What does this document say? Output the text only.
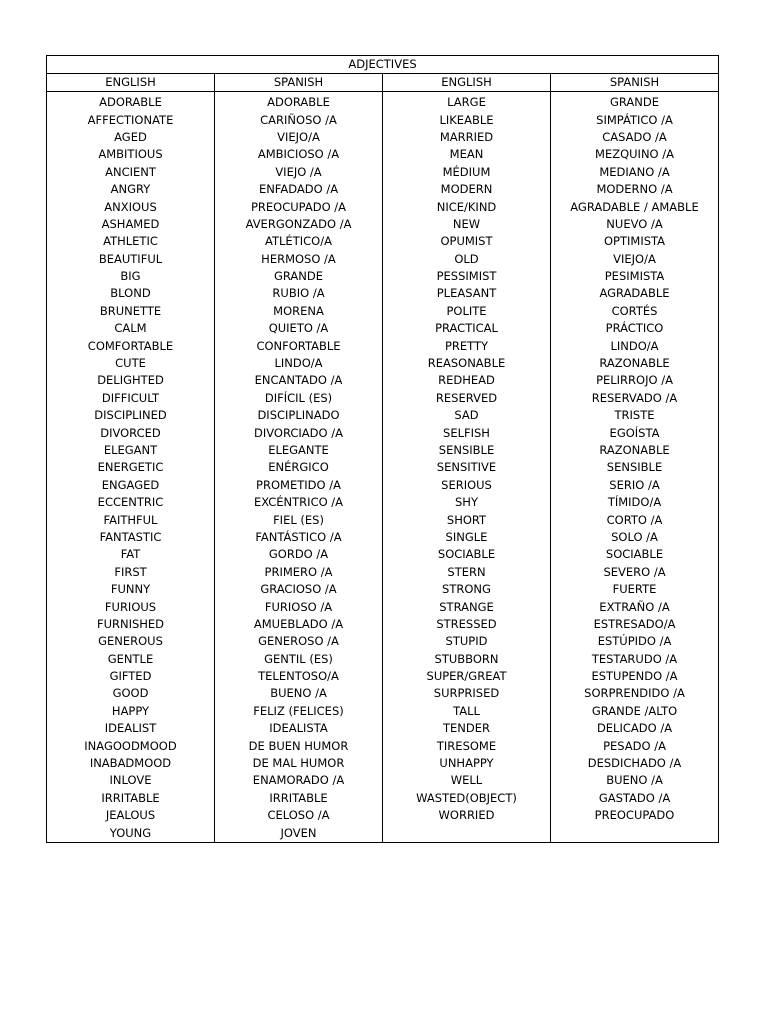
ADJECTIVES			
ENGLISH	SPANISH	ENGLISH	SPANISH
ADORABLE	ADORABLE	LARGE	GRANDE
AFFECTIONATE	CARIÑOSO /A	LIKEABLE	SIMPÁTICO /A
AGED	VIEJO/A	MARRIED	CASADO /A
AMBITIOUS	AMBICIOSO /A	MEAN	MEZQUINO /A
ANCIENT	VIEJO /A	MÉDIUM	MEDIANO /A
ANGRY	ENFADADO /A	MODERN	MODERNO /A
ANXIOUS	PREOCUPADO /A	NICE/KIND	AGRADABLE / AMABLE
ASHAMED	AVERGONZADO /A	NEW	NUEVO /A
ATHLETIC	ATLÉTICO/A	OPUMIST	OPTIMISTA
BEAUTIFUL	HERMOSO /A	OLD	VIEJO/A
BIG	GRANDE	PESSIMIST	PESIMISTA
BLOND	RUBIO /A	PLEASANT	AGRADABLE
BRUNETTE	MORENA	POLITE	CORTÉS
CALM	QUIETO /A	PRACTICAL	PRÁCTICO
COMFORTABLE	CONFORTABLE	PRETTY	LINDO/A
CUTE	LINDO/A	REASONABLE	RAZONABLE
DELIGHTED	ENCANTADO /A	REDHEAD	PELIRROJO /A
DIFFICULT	DIFÍCIL (ES)	RESERVED	RESERVADO /A
DISCIPLINED	DISCIPLINADO	SAD	TRISTE
DIVORCED	DIVORCIADO /A	SELFISH	EGOÍSTA
ELEGANT	ELEGANTE	SENSIBLE	RAZONABLE
ENERGETIC	ENÉRGICO	SENSITIVE	SENSIBLE
ENGAGED	PROMETIDO /A	SERIOUS	SERIO /A
ECCENTRIC	EXCÉNTRICO /A	SHY	TÍMIDO/A
FAITHFUL	FIEL (ES)	SHORT	CORTO /A
FANTASTIC	FANTÁSTICO /A	SINGLE	SOLO /A
FAT	GORDO /A	SOCIABLE	SOCIABLE
FIRST	PRIMERO /A	STERN	SEVERO /A
FUNNY	GRACIOSO /A	STRONG	FUERTE
FURIOUS	FURIOSO /A	STRANGE	EXTRAÑO /A
FURNISHED	AMUEBLADO /A	STRESSED	ESTRESADO/A
GENEROUS	GENEROSO /A	STUPID	ESTÚPIDO /A
GENTLE	GENTIL (ES)	STUBBORN	TESTARUDO /A
GIFTED	TELENTOSO/A	SUPER/GREAT	ESTUPENDO /A
GOOD	BUENO /A	SURPRISED	SORPRENDIDO /A
HAPPY	FELIZ (FELICES)	TALL	GRANDE /ALTO
IDEALIST	IDEALISTA	TENDER	DELICADO /A
INAGOODMOOD	DE BUEN HUMOR	TIRESOME	PESADO /A
INABADMOOD	DE MAL HUMOR	UNHAPPY	DESDICHADO /A
INLOVE	ENAMORADO /A	WELL	BUENO /A
IRRITABLE	IRRITABLE	WASTED(OBJECT)	GASTADO /A
JEALOUS	CELOSO /A	WORRIED	PREOCUPADO
YOUNG	JOVEN		
